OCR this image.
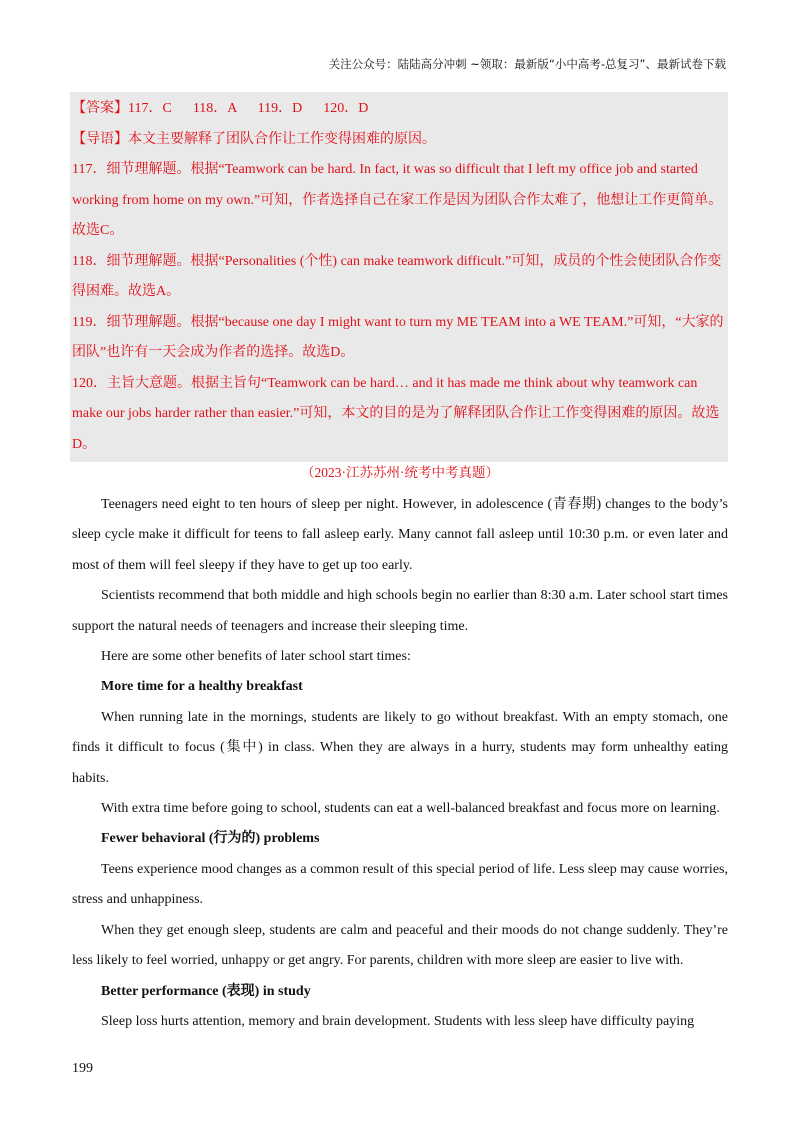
关注公众号：陆陆高分冲刺 ~领取：最新版“小中高考-总复习”、最新试卷下载

【答案】117．C      118．A      119．D      120．D

【导语】本文主要解释了团队合作让工作变得困难的原因。

117．细节理解题。根据“Teamwork can be hard. In fact, it was so difficult that I left my office job and started working from home on my own.”可知，作者选择自己在家工作是因为团队合作太难了，他想让工作更简单。故选C。

118．细节理解题。根据“Personalities (个性) can make teamwork difficult.”可知，成员的个性会使团队合作变得困难。故选A。

119．细节理解题。根据“because one day I might want to turn my ME TEAM into a WE TEAM.”可知，“大家的团队”也许有一天会成为作者的选择。故选D。

120．主旨大意题。根据主旨句“Teamwork can be hard… and it has made me think about why teamwork can make our jobs harder rather than easier.”可知，本文的目的是为了解释团队合作让工作变得困难的原因。故选D。

（2023·江苏苏州·统考中考真题）

Teenagers need eight to ten hours of sleep per night. However, in adolescence (青春期) changes to the body’s sleep cycle make it difficult for teens to fall asleep early. Many cannot fall asleep until 10:30 p.m. or even later and most of them will feel sleepy if they have to get up too early.

Scientists recommend that both middle and high schools begin no earlier than 8:30 a.m. Later school start times support the natural needs of teenagers and increase their sleeping time.

Here are some other benefits of later school start times:

More time for a healthy breakfast

When running late in the mornings, students are likely to go without breakfast. With an empty stomach, one finds it difficult to focus (集中) in class. When they are always in a hurry, students may form unhealthy eating habits.

With extra time before going to school, students can eat a well-balanced breakfast and focus more on learning.

Fewer behavioral (行为的) problems

Teens experience mood changes as a common result of this special period of life. Less sleep may cause worries, stress and unhappiness.

When they get enough sleep, students are calm and peaceful and their moods do not change suddenly. They’re less likely to feel worried, unhappy or get angry. For parents, children with more sleep are easier to live with.

Better performance (表现) in study

Sleep loss hurts attention, memory and brain development. Students with less sleep have difficulty paying

199
